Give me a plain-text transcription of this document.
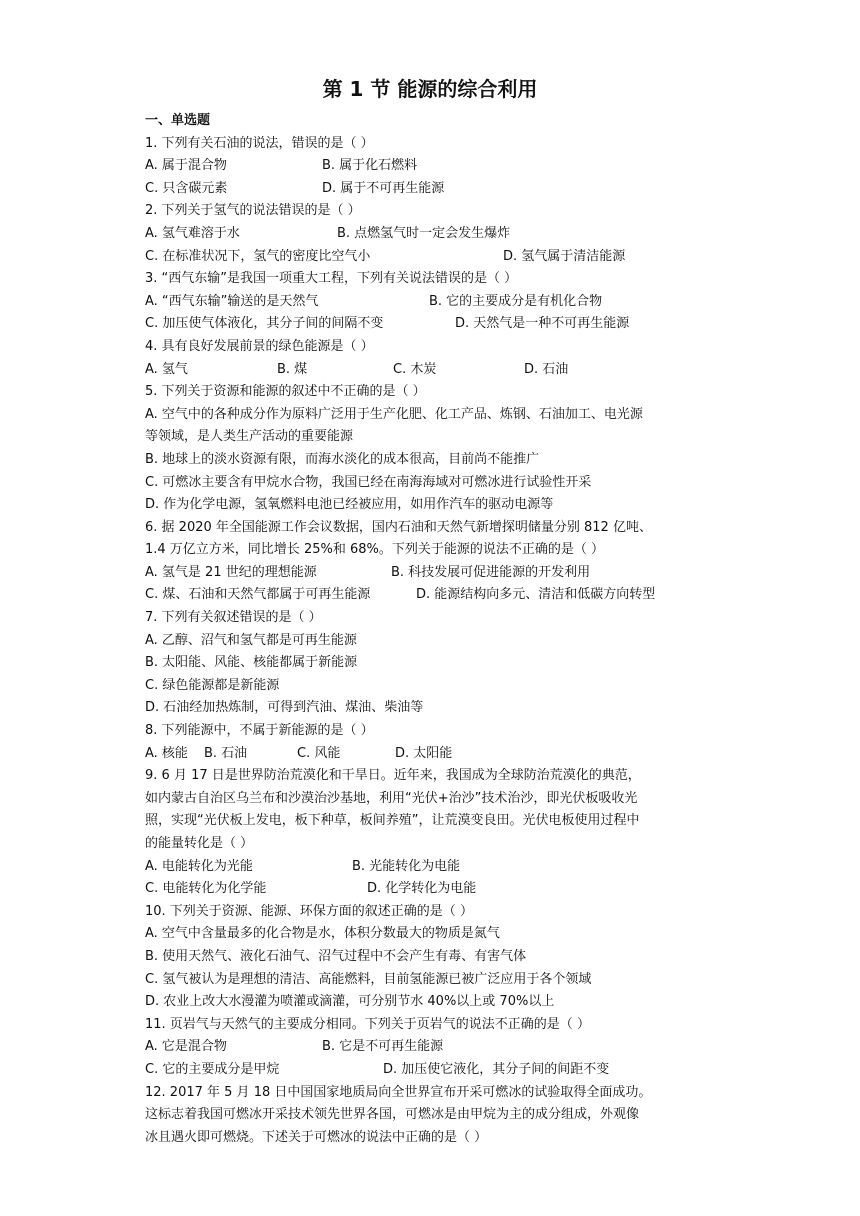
第 1 节 能源的综合利用
一、单选题
1. 下列有关石油的说法，错误的是（ ）
A. 属于混合物	B. 属于化石燃料
C. 只含碳元素	D. 属于不可再生能源
2. 下列关于氢气的说法错误的是（ ）
A. 氢气难溶于水	B. 点燃氢气时一定会发生爆炸
C. 在标准状况下，氢气的密度比空气小	D. 氢气属于清洁能源
3. “西气东输”是我国一项重大工程，下列有关说法错误的是（ ）
A. “西气东输”输送的是天然气	B. 它的主要成分是有机化合物
C. 加压使气体液化，其分子间的间隔不变	D. 天然气是一种不可再生能源
4. 具有良好发展前景的绿色能源是（ ）
A. 氢气	B. 煤	C. 木炭	D. 石油
5. 下列关于资源和能源的叙述中不正确的是（ ）
A. 空气中的各种成分作为原料广泛用于生产化肥、化工产品、炼钢、石油加工、电光源
等领域，是人类生产活动的重要能源
B. 地球上的淡水资源有限，而海水淡化的成本很高，目前尚不能推广
C. 可燃冰主要含有甲烷水合物，我国已经在南海海域对可燃冰进行试验性开采
D. 作为化学电源，氢氧燃料电池已经被应用，如用作汽车的驱动电源等
6. 据 2020 年全国能源工作会议数据，国内石油和天然气新增探明储量分别 812 亿吨、
1.4 万亿立方米，同比增长 25%和 68%。下列关于能源的说法不正确的是（ ）
A. 氢气是 21 世纪的理想能源	B. 科技发展可促进能源的开发利用
C. 煤、石油和天然气都属于可再生能源	D. 能源结构向多元、清洁和低碳方向转型
7. 下列有关叙述错误的是（ ）
A. 乙醇、沼气和氢气都是可再生能源
B. 太阳能、风能、核能都属于新能源
C. 绿色能源都是新能源
D. 石油经加热炼制，可得到汽油、煤油、柴油等
8. 下列能源中，不属于新能源的是（ ）
A. 核能 B. 石油	C. 风能	D. 太阳能
9. 6 月 17 日是世界防治荒漠化和干旱日。近年来，我国成为全球防治荒漠化的典范，
如内蒙古自治区乌兰布和沙漠治沙基地，利用“光伏+治沙”技术治沙，即光伏板吸收光
照，实现“光伏板上发电，板下种草，板间养殖”，让荒漠变良田。光伏电板使用过程中
的能量转化是（ ）
A. 电能转化为光能	B. 光能转化为电能
C. 电能转化为化学能	D. 化学转化为电能
10. 下列关于资源、能源、环保方面的叙述正确的是（ ）
A. 空气中含量最多的化合物是水，体积分数最大的物质是氮气
B. 使用天然气、液化石油气、沼气过程中不会产生有毒、有害气体
C. 氢气被认为是理想的清洁、高能燃料，目前氢能源已被广泛应用于各个领域
D. 农业上改大水漫灌为喷灌或滴灌，可分别节水 40%以上或 70%以上
11. 页岩气与天然气的主要成分相同。下列关于页岩气的说法不正确的是（ ）
A. 它是混合物	B. 它是不可再生能源
C. 它的主要成分是甲烷	D. 加压使它液化，其分子间的间距不变
12. 2017 年 5 月 18 日中国国家地质局向全世界宣布开采可燃冰的试验取得全面成功。
这标志着我国可燃冰开采技术领先世界各国，可燃冰是由甲烷为主的成分组成，外观像
冰且遇火即可燃烧。下述关于可燃冰的说法中正确的是（ ）
